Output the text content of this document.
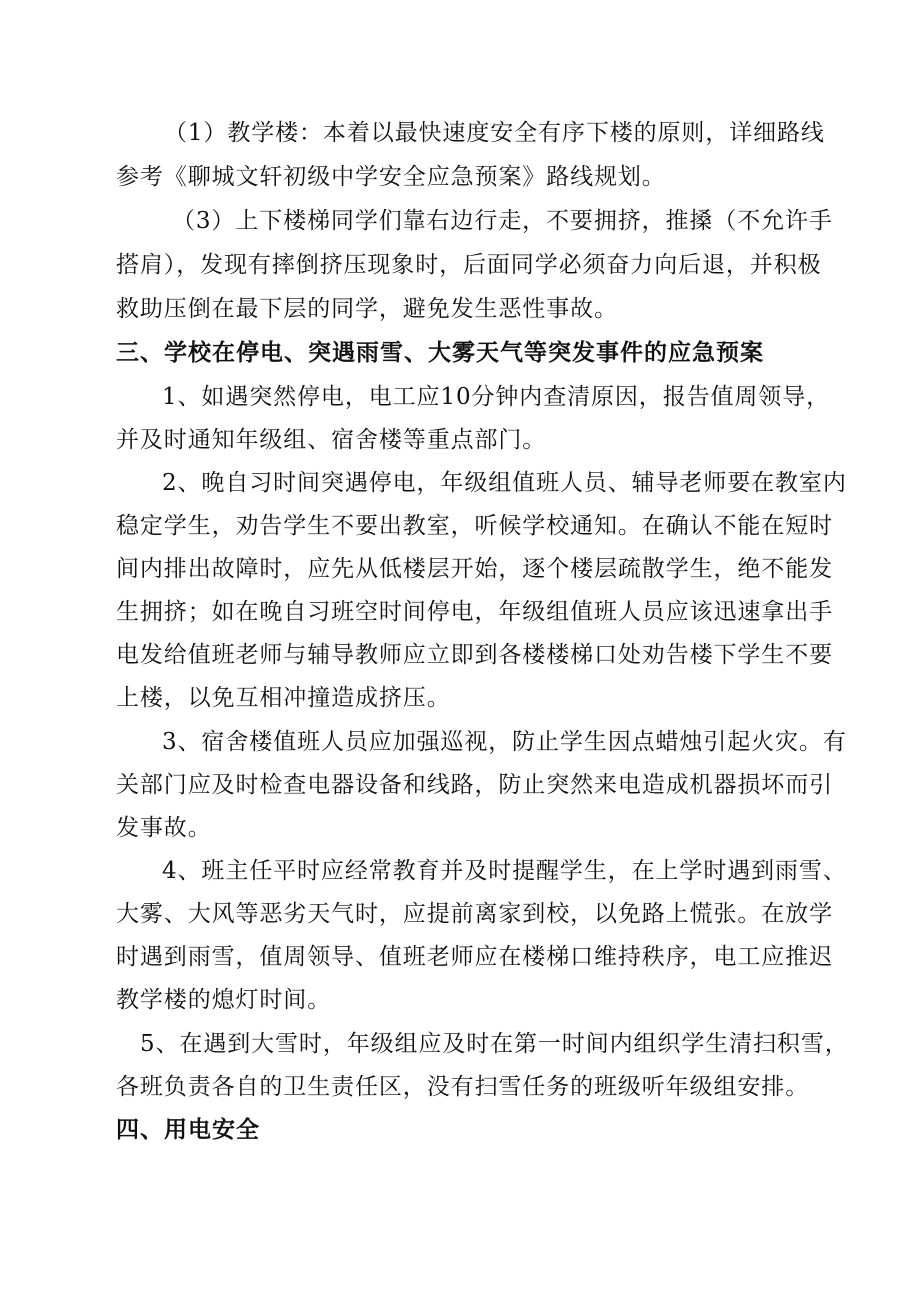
（1）教学楼：本着以最快速度安全有序下楼的原则，详细路线
参考《聊城文轩初级中学安全应急预案》路线规划。
（3）上下楼梯同学们靠右边行走，不要拥挤，推搡（不允许手
搭肩），发现有摔倒挤压现象时，后面同学必须奋力向后退，并积极
救助压倒在最下层的同学，避免发生恶性事故。
三、学校在停电、突遇雨雪、大雾天气等突发事件的应急预案
1、如遇突然停电，电工应10分钟内查清原因，报告值周领导，
并及时通知年级组、宿舍楼等重点部门。
2、晚自习时间突遇停电，年级组值班人员、辅导老师要在教室内
稳定学生，劝告学生不要出教室，听候学校通知。在确认不能在短时
间内排出故障时，应先从低楼层开始，逐个楼层疏散学生，绝不能发
生拥挤；如在晚自习班空时间停电，年级组值班人员应该迅速拿出手
电发给值班老师与辅导教师应立即到各楼楼梯口处劝告楼下学生不要
上楼，以免互相冲撞造成挤压。
3、宿舍楼值班人员应加强巡视，防止学生因点蜡烛引起火灾。有
关部门应及时检查电器设备和线路，防止突然来电造成机器损坏而引
发事故。
4、班主任平时应经常教育并及时提醒学生，在上学时遇到雨雪、
大雾、大风等恶劣天气时，应提前离家到校，以免路上慌张。在放学
时遇到雨雪，值周领导、值班老师应在楼梯口维持秩序，电工应推迟
教学楼的熄灯时间。
5、在遇到大雪时，年级组应及时在第一时间内组织学生清扫积雪，
各班负责各自的卫生责任区，没有扫雪任务的班级听年级组安排。
四、用电安全
